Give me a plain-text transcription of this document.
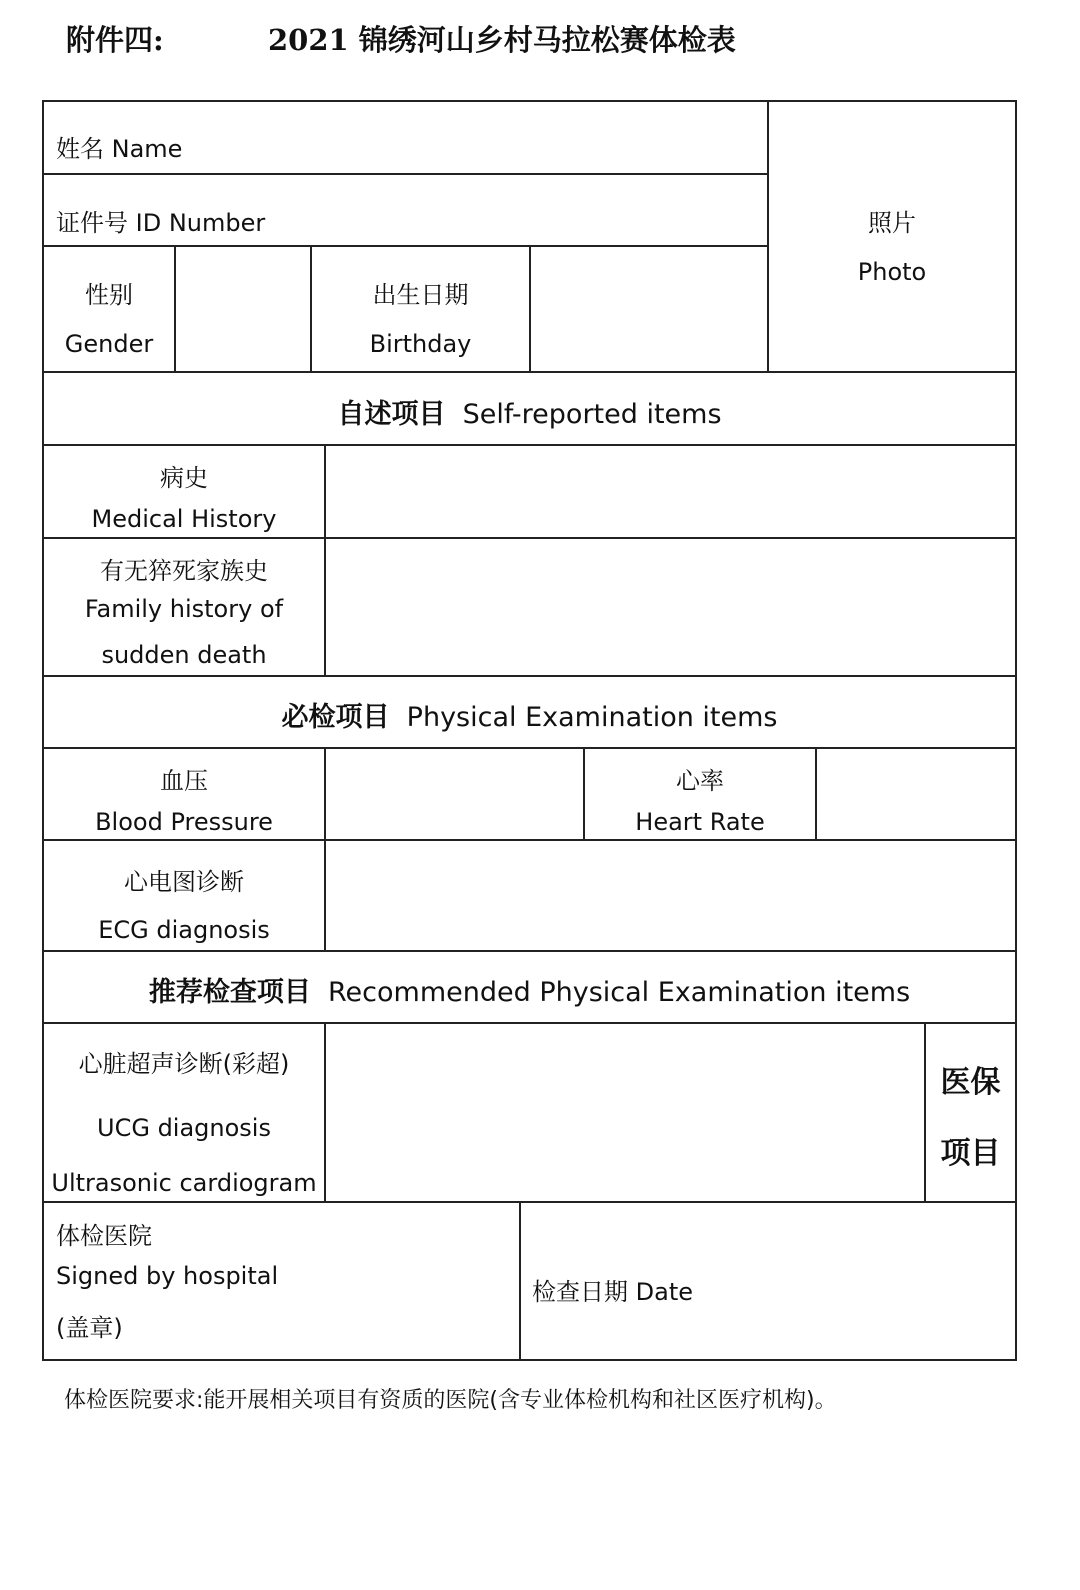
附件四:	2021 锦绣河山乡村马拉松赛体检表
姓名 Name
证件号 ID Number	照片
Photo
性别
Gender
出生日期
Birthday
自述项目 Self-reported items
病史
Medical History
有无猝死家族史
Family history of
sudden death
必检项目 Physical Examination items
血压
Blood Pressure
心率
Heart Rate
心电图诊断
ECG diagnosis
推荐检查项目 Recommended Physical Examination items
心脏超声诊断(彩超)
UCG diagnosis
Ultrasonic cardiogram
医保
项目
体检医院
Signed by hospital
(盖章)
检查日期 Date
体检医院要求:能开展相关项目有资质的医院(含专业体检机构和社区医疗机构)。
